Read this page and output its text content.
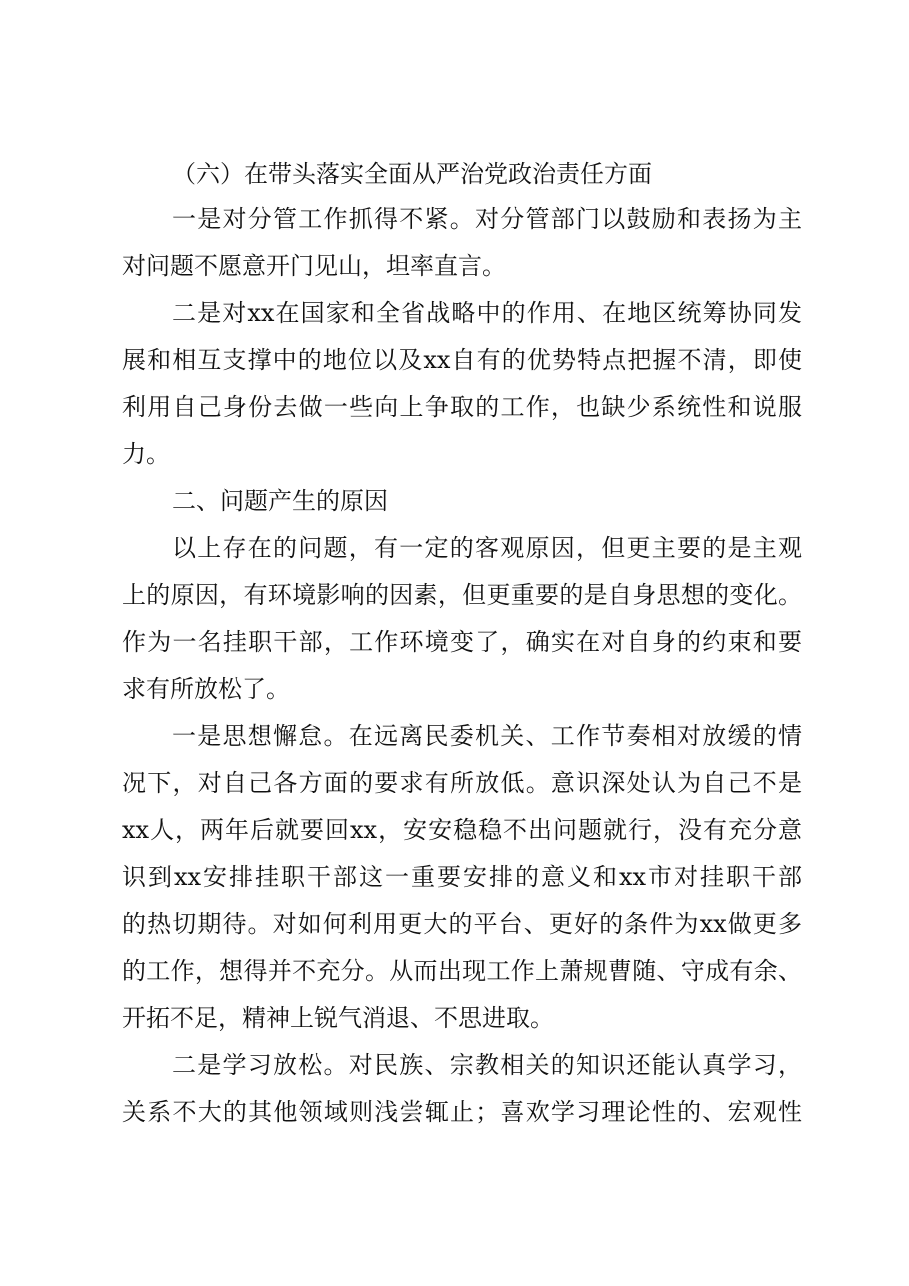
（六）在带头落实全面从严治党政治责任方面
一是对分管工作抓得不紧。对分管部门以鼓励和表扬为主
对问题不愿意开门见山，坦率直言。
二是对xx在国家和全省战略中的作用、在地区统筹协同发
展和相互支撑中的地位以及xx自有的优势特点把握不清，即使
利用自己身份去做一些向上争取的工作，也缺少系统性和说服
力。
二、问题产生的原因
以上存在的问题，有一定的客观原因，但更主要的是主观
上的原因，有环境影响的因素，但更重要的是自身思想的变化。
作为一名挂职干部，工作环境变了，确实在对自身的约束和要
求有所放松了。
一是思想懈怠。在远离民委机关、工作节奏相对放缓的情
况下，对自己各方面的要求有所放低。意识深处认为自己不是
xx人，两年后就要回xx，安安稳稳不出问题就行，没有充分意
识到xx安排挂职干部这一重要安排的意义和xx市对挂职干部
的热切期待。对如何利用更大的平台、更好的条件为xx做更多
的工作，想得并不充分。从而出现工作上萧规曹随、守成有余、
开拓不足，精神上锐气消退、不思进取。
二是学习放松。对民族、宗教相关的知识还能认真学习，
关系不大的其他领域则浅尝辄止；喜欢学习理论性的、宏观性
